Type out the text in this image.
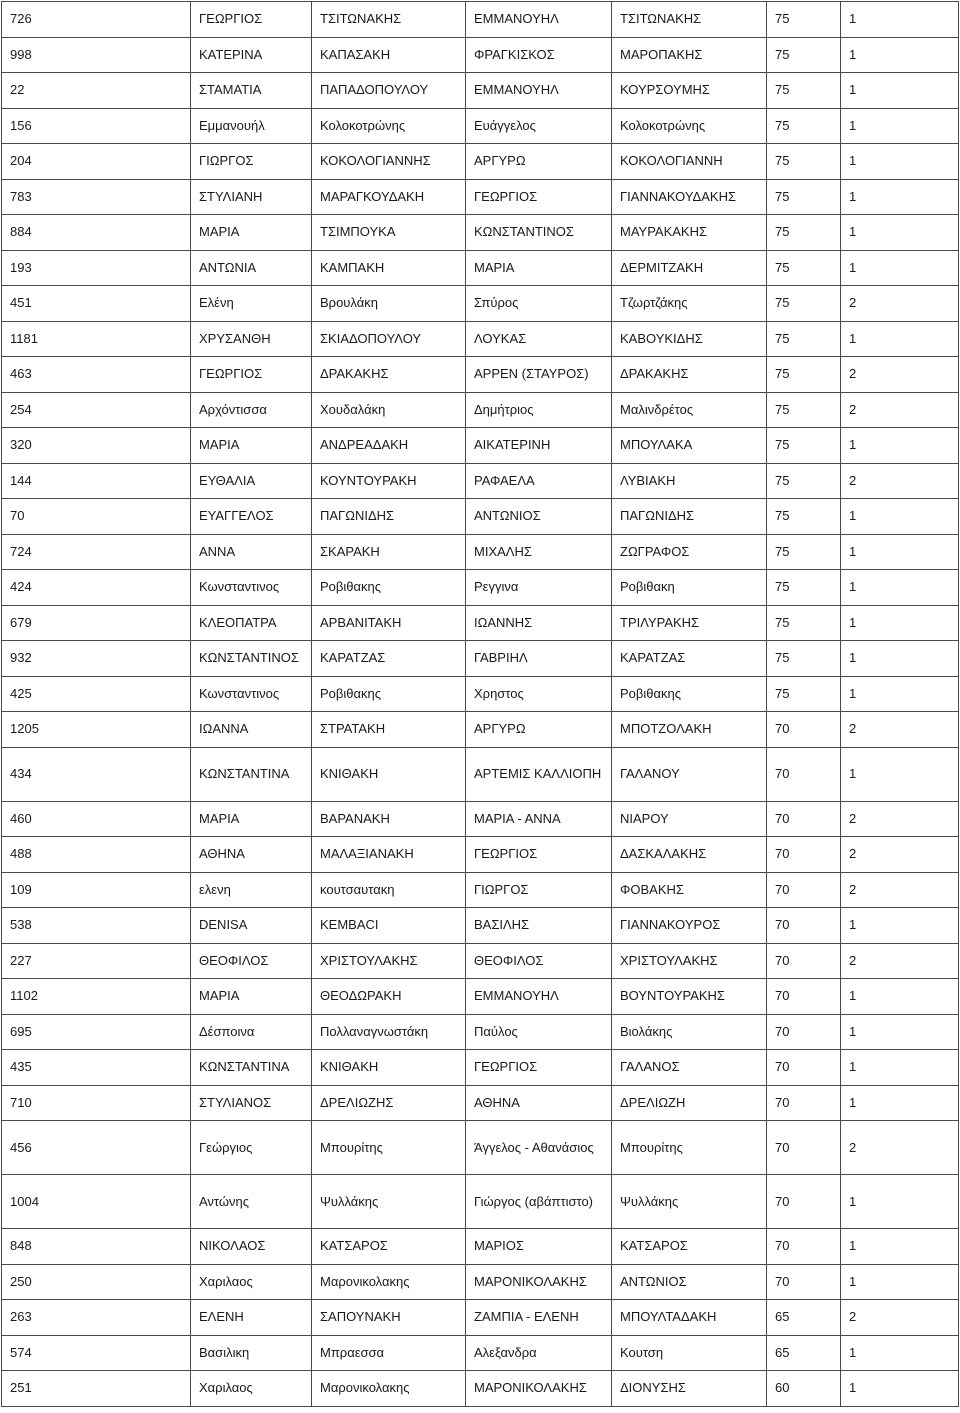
726	ΓΕΩΡΓΙΟΣ	ΤΣΙΤΩΝΑΚΗΣ	ΕΜΜΑΝΟΥΗΛ	ΤΣΙΤΩΝΑΚΗΣ	75	1
998	ΚΑΤΕΡΙΝΑ	ΚΑΠΑΣΑΚΗ	ΦΡΑΓΚΙΣΚΟΣ	ΜΑΡΟΠΑΚΗΣ	75	1
22	ΣΤΑΜΑΤΙΑ	ΠΑΠΑΔΟΠΟΥΛΟΥ	ΕΜΜΑΝΟΥΗΛ	ΚΟΥΡΣΟΥΜΗΣ	75	1
156	Εμμανουήλ	Κολοκοτρώνης	Ευάγγελος	Κολοκοτρώνης	75	1
204	ΓΙΩΡΓΟΣ	ΚΟΚΟΛΟΓΙΑΝΝΗΣ	ΑΡΓΥΡΩ	ΚΟΚΟΛΟΓΙΑΝΝΗ	75	1
783	ΣΤΥΛΙΑΝΗ	ΜΑΡΑΓΚΟΥΔΑΚΗ	ΓΕΩΡΓΙΟΣ	ΓΙΑΝΝΑΚΟΥΔΑΚΗΣ	75	1
884	ΜΑΡΙΑ	ΤΣΙΜΠΟΥΚΑ	ΚΩΝΣΤΑΝΤΙΝΟΣ	ΜΑΥΡΑΚΑΚΗΣ	75	1
193	ΑΝΤΩΝΙΑ	ΚΑΜΠΑΚΗ	ΜΑΡΙΑ	ΔΕΡΜΙΤΖΑΚΗ	75	1
451	Ελένη	Βρουλάκη	Σπύρος	Τζωρτζάκης	75	2
1181	ΧΡΥΣΑΝΘΗ	ΣΚΙΑΔΟΠΟΥΛΟΥ	ΛΟΥΚΑΣ	ΚΑΒΟΥΚΙΔΗΣ	75	1
463	ΓΕΩΡΓΙΟΣ	ΔΡΑΚΑΚΗΣ	ΑΡΡΕΝ (ΣΤΑΥΡΟΣ)	ΔΡΑΚΑΚΗΣ	75	2
254	Αρχόντισσα	Χουδαλάκη	Δημήτριος	Μαλινδρέτος	75	2
320	ΜΑΡΙΑ	ΑΝΔΡΕΑΔΑΚΗ	ΑΙΚΑΤΕΡΙΝΗ	ΜΠΟΥΛΑΚΑ	75	1
144	ΕΥΘΑΛΙΑ	ΚΟΥΝΤΟΥΡΑΚΗ	ΡΑΦΑΕΛΑ	ΛΥΒΙΑΚΗ	75	2
70	ΕΥΑΓΓΕΛΟΣ	ΠΑΓΩΝΙΔΗΣ	ΑΝΤΩΝΙΟΣ	ΠΑΓΩΝΙΔΗΣ	75	1
724	ΑΝΝΑ	ΣΚΑΡΑΚΗ	ΜΙΧΑΛΗΣ	ΖΩΓΡΑΦΟΣ	75	1
424	Κωνσταντινος	Ροβιθακης	Ρεγγινα	Ροβιθακη	75	1
679	ΚΛΕΟΠΑΤΡΑ	ΑΡΒΑΝΙΤΑΚΗ	ΙΩΑΝΝΗΣ	ΤΡΙΛΥΡΑΚΗΣ	75	1
932	ΚΩΝΣΤΑΝΤΙΝΟΣ	ΚΑΡΑΤΖΑΣ	ΓΑΒΡΙΗΛ	ΚΑΡΑΤΖΑΣ	75	1
425	Κωνσταντινος	Ροβιθακης	Χρηστος	Ροβιθακης	75	1
1205	ΙΩΑΝΝΑ	ΣΤΡΑΤΑΚΗ	ΑΡΓΥΡΩ	ΜΠΟΤΖΟΛΑΚΗ	70	2
434	ΚΩΝΣΤΑΝΤΙΝΑ	ΚΝΙΘΑΚΗ	ΑΡΤΕΜΙΣ ΚΑΛΛΙΟΠΗ	ΓΑΛΑΝΟΥ	70	1
460	ΜΑΡΙΑ	ΒΑΡΑΝΑΚΗ	ΜΑΡΙΑ - ΑΝΝΑ	ΝΙΑΡΟΥ	70	2
488	ΑΘΗΝΑ	ΜΑΛΑΞΙΑΝΑΚΗ	ΓΕΩΡΓΙΟΣ	ΔΑΣΚΑΛΑΚΗΣ	70	2
109	ελενη	κουτσαυτακη	ΓΙΩΡΓΟΣ	ΦΟΒΑΚΗΣ	70	2
538	DENISA	KEMBACI	ΒΑΣΙΛΗΣ	ΓΙΑΝΝΑΚΟΥΡΟΣ	70	1
227	ΘΕΟΦΙΛΟΣ	ΧΡΙΣΤΟΥΛΑΚΗΣ	ΘΕΟΦΙΛΟΣ	ΧΡΙΣΤΟΥΛΑΚΗΣ	70	2
1102	ΜΑΡΙΑ	ΘΕΟΔΩΡΑΚΗ	ΕΜΜΑΝΟΥΗΛ	ΒΟΥΝΤΟΥΡΑΚΗΣ	70	1
695	Δέσποινα	Πολλαναγνωστάκη	Παύλος	Βιολάκης	70	1
435	ΚΩΝΣΤΑΝΤΙΝΑ	ΚΝΙΘΑΚΗ	ΓΕΩΡΓΙΟΣ	ΓΑΛΑΝΟΣ	70	1
710	ΣΤΥΛΙΑΝΟΣ	ΔΡΕΛΙΩΖΗΣ	ΑΘΗΝΑ	ΔΡΕΛΙΩΖΗ	70	1
456	Γεώργιος	Μπουρίτης	Άγγελος - Αθανάσιος	Μπουρίτης	70	2
1004	Αντώνης	Ψυλλάκης	Γιώργος (αβάπτιστο)	Ψυλλάκης	70	1
848	ΝΙΚΟΛΑΟΣ	ΚΑΤΣΑΡΟΣ	ΜΑΡΙΟΣ	ΚΑΤΣΑΡΟΣ	70	1
250	Χαριλαος	Μαρονικολακης	ΜΑΡΟΝΙΚΟΛΑΚΗΣ	ΑΝΤΩΝΙΟΣ	70	1
263	ΕΛΕΝΗ	ΣΑΠΟΥΝΑΚΗ	ΖΑΜΠΙΑ - ΕΛΕΝΗ	ΜΠΟΥΛΤΑΔΑΚΗ	65	2
574	Βασιλικη	Μπραεσσα	Αλεξανδρα	Κουτση	65	1
251	Χαριλαος	Μαρονικολακης	ΜΑΡΟΝΙΚΟΛΑΚΗΣ	ΔΙΟΝΥΣΗΣ	60	1
